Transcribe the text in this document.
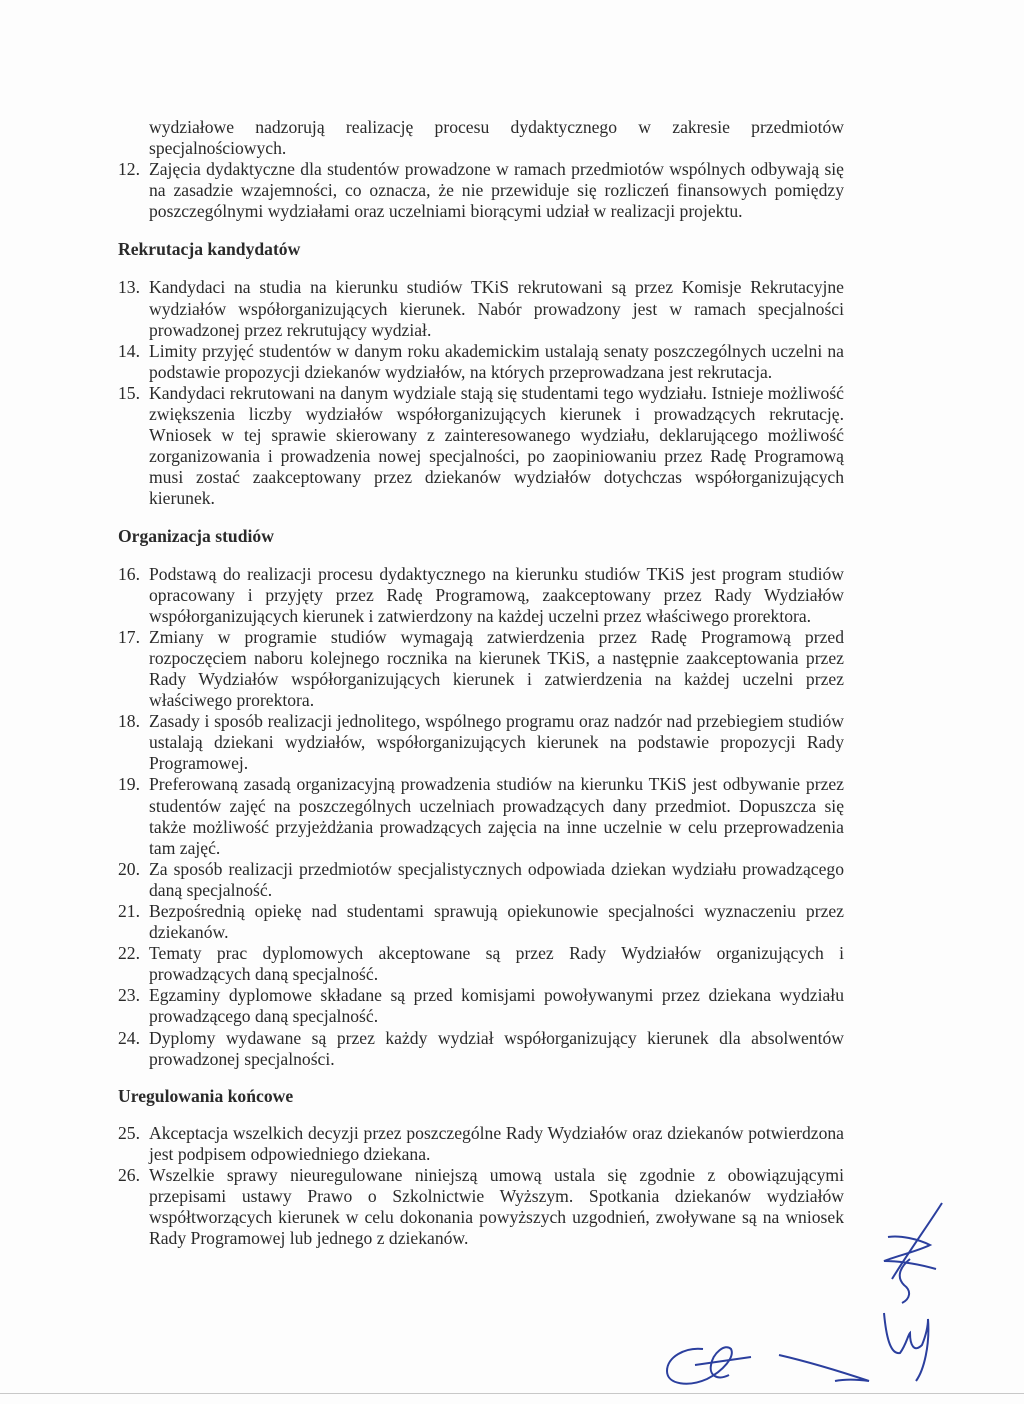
wydziałowe nadzorują realizację procesu dydaktycznego w zakresie przedmiotów specjalnościowych.

12. Zajęcia dydaktyczne dla studentów prowadzone w ramach przedmiotów wspólnych odbywają się na zasadzie wzajemności, co oznacza, że nie przewiduje się rozliczeń finansowych pomiędzy poszczególnymi wydziałami oraz uczelniami biorącymi udział w realizacji projektu.
Rekrutacja kandydatów
13. Kandydaci na studia na kierunku studiów TKiS rekrutowani są przez Komisje Rekrutacyjne wydziałów współorganizujących kierunek. Nabór prowadzony jest w ramach specjalności prowadzonej przez rekrutujący wydział.
14. Limity przyjęć studentów w danym roku akademickim ustalają senaty poszczególnych uczelni na podstawie propozycji dziekanów wydziałów, na których przeprowadzana jest rekrutacja.
15. Kandydaci rekrutowani na danym wydziale stają się studentami tego wydziału. Istnieje możliwość zwiększenia liczby wydziałów współorganizujących kierunek i prowadzących rekrutację. Wniosek w tej sprawie skierowany z zainteresowanego wydziału, deklarującego możliwość zorganizowania i prowadzenia nowej specjalności, po zaopiniowaniu przez Radę Programową musi zostać zaakceptowany przez dziekanów wydziałów dotychczas współorganizujących kierunek.
Organizacja studiów
16. Podstawą do realizacji procesu dydaktycznego na kierunku studiów TKiS jest program studiów opracowany i przyjęty przez Radę Programową, zaakceptowany przez Rady Wydziałów współorganizujących kierunek i zatwierdzony na każdej uczelni przez właściwego prorektora.
17. Zmiany w programie studiów wymagają zatwierdzenia przez Radę Programową przed rozpoczęciem naboru kolejnego rocznika na kierunek TKiS, a następnie zaakceptowania przez Rady Wydziałów współorganizujących kierunek i zatwierdzenia na każdej uczelni przez właściwego prorektora.
18. Zasady i sposób realizacji jednolitego, wspólnego programu oraz nadzór nad przebiegiem studiów ustalają dziekani wydziałów, współorganizujących kierunek na podstawie propozycji Rady Programowej.
19. Preferowaną zasadą organizacyjną prowadzenia studiów na kierunku TKiS jest odbywanie przez studentów zajęć na poszczególnych uczelniach prowadzących dany przedmiot. Dopuszcza się także możliwość przyjeżdżania prowadzących zajęcia na inne uczelnie w celu przeprowadzenia tam zajęć.
20. Za sposób realizacji przedmiotów specjalistycznych odpowiada dziekan wydziału prowadzącego daną specjalność.
21. Bezpośrednią opiekę nad studentami sprawują opiekunowie specjalności wyznaczeniu przez dziekanów.
22. Tematy prac dyplomowych akceptowane są przez Rady Wydziałów organizujących i prowadzących daną specjalność.
23. Egzaminy dyplomowe składane są przed komisjami powoływanymi przez dziekana wydziału prowadzącego daną specjalność.
24. Dyplomy wydawane są przez każdy wydział współorganizujący kierunek dla absolwentów prowadzonej specjalności.
Uregulowania końcowe
25. Akceptacja wszelkich decyzji przez poszczególne Rady Wydziałów oraz dziekanów potwierdzona jest podpisem odpowiedniego dziekana.
26. Wszelkie sprawy nieuregulowane niniejszą umową ustala się zgodnie z obowiązującymi przepisami ustawy Prawo o Szkolnictwie Wyższym. Spotkania dziekanów wydziałów współtworzących kierunek w celu dokonania powyższych uzgodnień, zwoływane są na wniosek Rady Programowej lub jednego z dziekanów.
